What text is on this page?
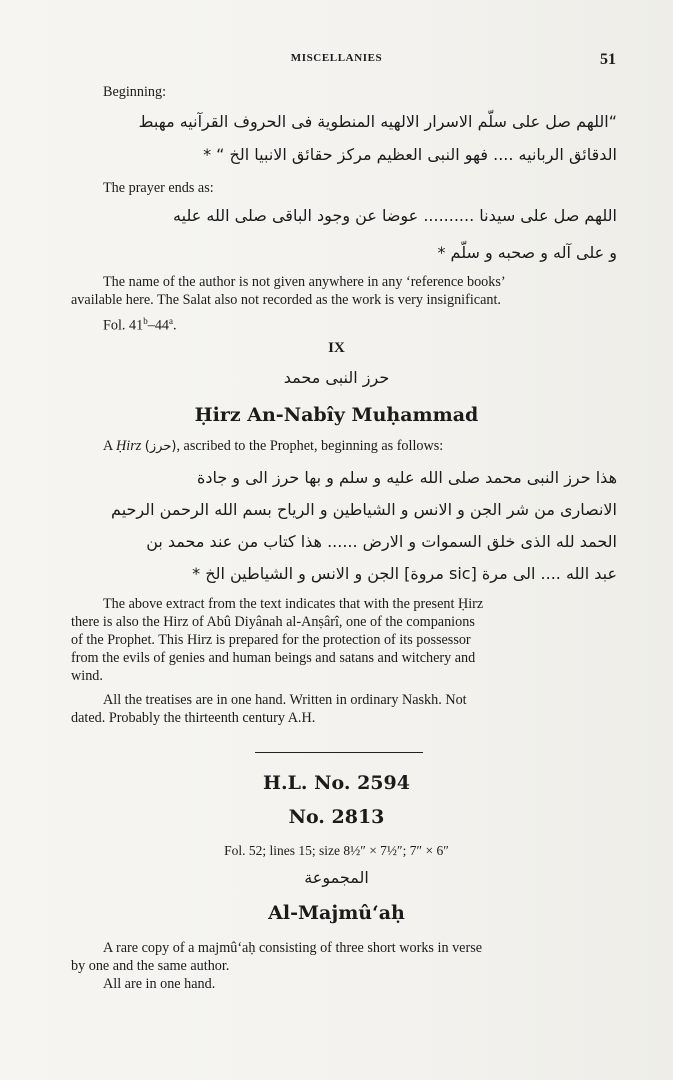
MISCELLANIES	51
Beginning:
“اللهم صل على سلّم الاسرار الالهيه المنطوية فى الحروف القرآنيه مهبط
الدقائق الربانيه .... فهو النبى العظيم مركز حقائق الانبيا الخ “ *
The prayer ends as:
اللهم صل على سيدنا .......... عوضا عن وجود الباقى صلى الله عليه
و على آله و صحبه و سلّم *
The name of the author is not given anywhere in any ‘reference books’
available here. The Salat also not recorded as the work is very insignificant.
Fol. 41$^b$–44$^a$.
IX
حرز النبى محمد
Ḥirz An-Nabîy Muḥammad
A Ḥirz (حرز), ascribed to the Prophet, beginning as follows:
هذا حرز النبى محمد صلى الله عليه و سلم و بها حرز الى و جادة
الانصارى من شر الجن و الانس و الشياطين و الرياح بسم الله الرحمن الرحيم
الحمد لله الذى خلق السموات و الارض ...... هذا كتاب من عند محمد بن
عبد الله .... الى مرة [sic مروة] الجن و الانس و الشياطين الخ *
The above extract from the text indicates that with the present Ḥirz
there is also the Hirz of Abû Diyânah al-Anṣârî, one of the companions
of the Prophet. This Hirz is prepared for the protection of its possessor
from the evils of genies and human beings and satans and witchery and
wind.
All the treatises are in one hand. Written in ordinary Naskh. Not
dated. Probably the thirteenth century A.H.
H.L. No. 2594
No. 2813
Fol. 52; lines 15; size 8½″ × 7½″; 7″ × 6″
المجموعة
Al-Majmû‘aḥ
A rare copy of a majmû‘aḥ consisting of three short works in verse
by one and the same author.
All are in one hand.
